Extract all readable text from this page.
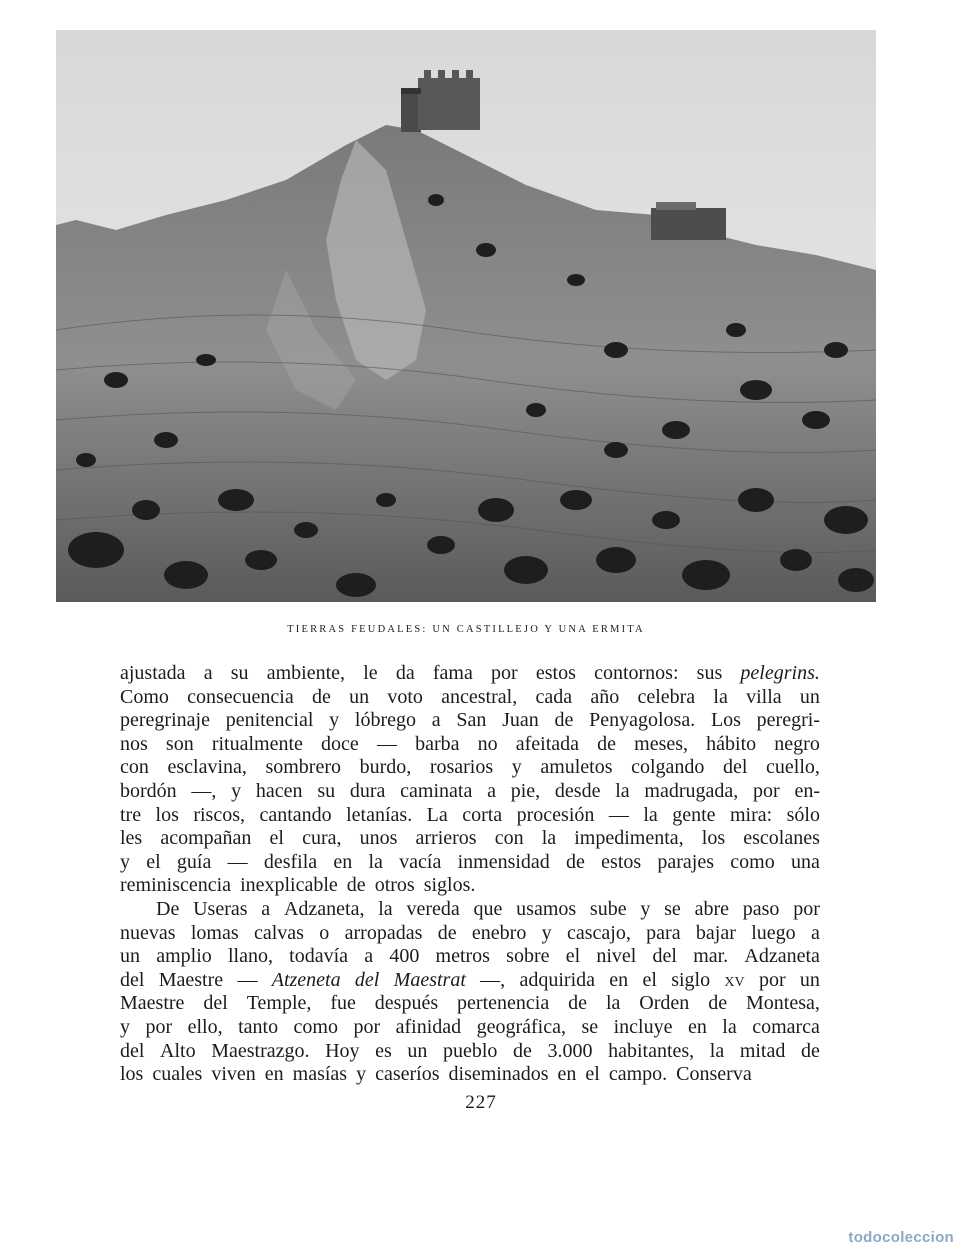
TIERRAS FEUDALES: UN CASTILLEJO Y UNA ERMITA
ajustada a su ambiente, le da fama por estos contornos: sus pelegrins.
Como consecuencia de un voto ancestral, cada año celebra la villa un
peregrinaje penitencial y lóbrego a San Juan de Penyagolosa. Los peregri-
nos son ritualmente doce — barba no afeitada de meses, hábito negro
con esclavina, sombrero burdo, rosarios y amuletos colgando del cuello,
bordón —, y hacen su dura caminata a pie, desde la madrugada, por en-
tre los riscos, cantando letanías. La corta procesión — la gente mira: sólo
les acompañan el cura, unos arrieros con la impedimenta, los escolanes
y el guía — desfila en la vacía inmensidad de estos parajes como una
reminiscencia inexplicable de otros siglos.
De Useras a Adzaneta, la vereda que usamos sube y se abre paso por
nuevas lomas calvas o arropadas de enebro y cascajo, para bajar luego a
un amplio llano, todavía a 400 metros sobre el nivel del mar. Adzaneta
del Maestre — Atzeneta del Maestrat —, adquirida en el siglo xv por un
Maestre del Temple, fue después pertenencia de la Orden de Montesa,
y por ello, tanto como por afinidad geográfica, se incluye en la comarca
del Alto Maestrazgo. Hoy es un pueblo de 3.000 habitantes, la mitad de
los cuales viven en masías y caseríos diseminados en el campo. Conserva
227
todocoleccion
